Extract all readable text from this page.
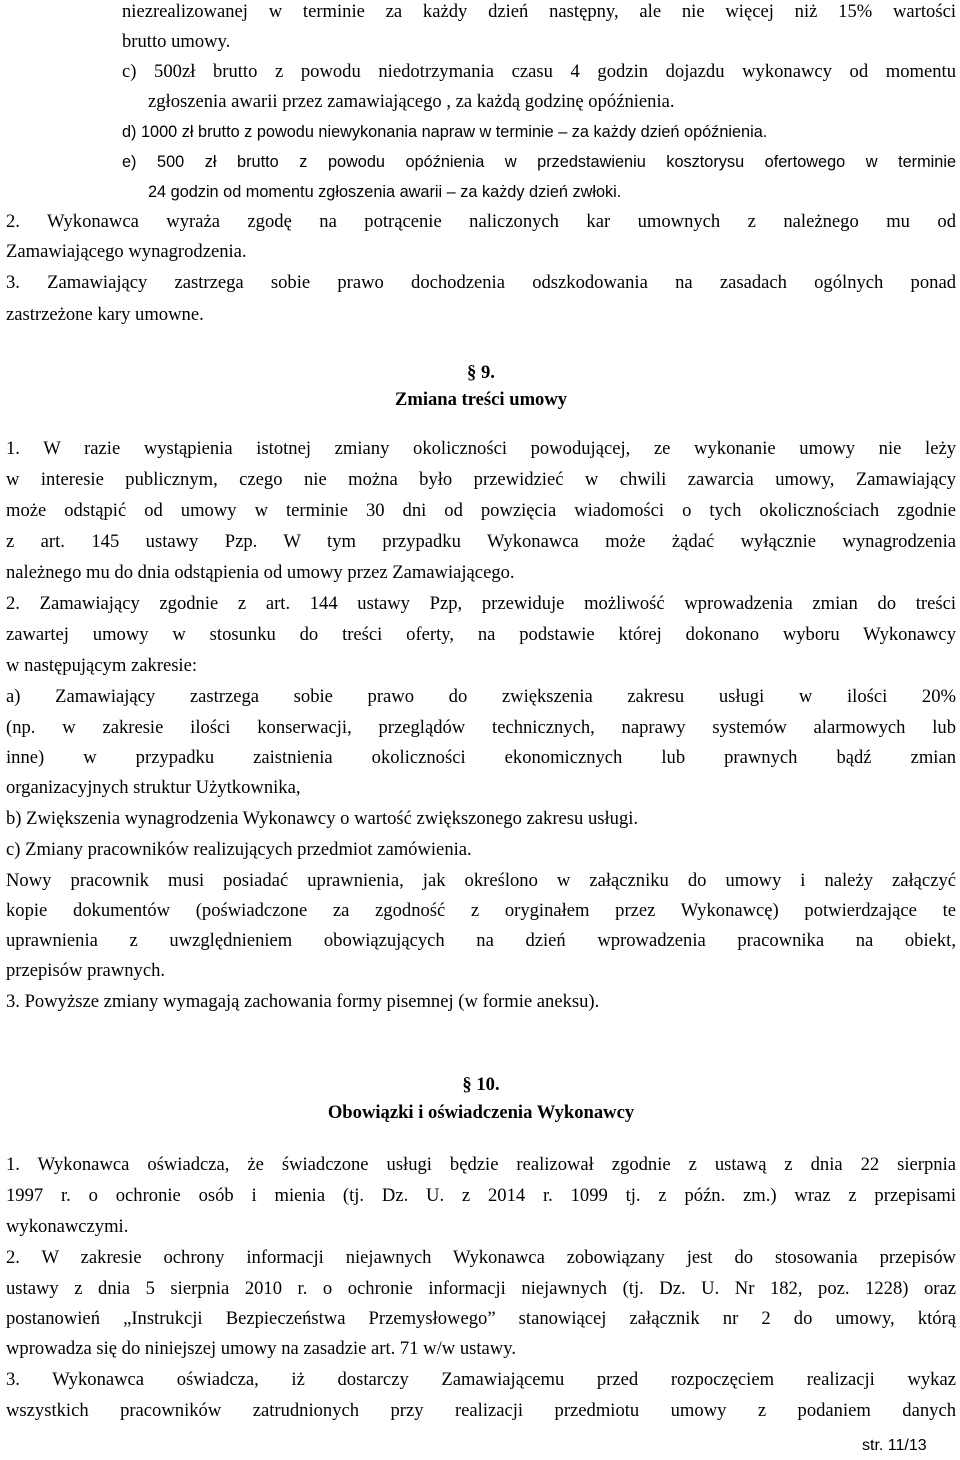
niezrealizowanej w terminie za każdy dzień następny, ale nie więcej niż 15% wartości
brutto umowy.
c) 500zł brutto z powodu niedotrzymania czasu 4 godzin dojazdu wykonawcy od momentu
zgłoszenia awarii przez zamawiającego , za każdą godzinę opóźnienia.
d) 1000 zł brutto z powodu niewykonania napraw w terminie – za każdy dzień opóźnienia.
e) 500 zł brutto z powodu opóźnienia w przedstawieniu kosztorysu ofertowego w terminie
24 godzin od momentu zgłoszenia awarii – za każdy dzień zwłoki.
2. Wykonawca wyraża zgodę na potrącenie naliczonych kar umownych z należnego mu od
Zamawiającego wynagrodzenia.
3. Zamawiający zastrzega sobie prawo dochodzenia odszkodowania na zasadach ogólnych ponad
zastrzeżone kary umowne.
§ 9.
Zmiana treści umowy
1. W razie wystąpienia istotnej zmiany okoliczności powodującej, ze wykonanie umowy nie leży
w interesie publicznym, czego nie można było przewidzieć w chwili zawarcia umowy, Zamawiający
może odstąpić od umowy w terminie 30 dni od powzięcia wiadomości o tych okolicznościach zgodnie
z art. 145 ustawy Pzp. W tym przypadku Wykonawca może żądać wyłącznie wynagrodzenia
należnego mu do dnia odstąpienia od umowy przez Zamawiającego.
2. Zamawiający zgodnie z art. 144 ustawy Pzp, przewiduje możliwość wprowadzenia zmian do treści
zawartej umowy w stosunku do treści oferty, na podstawie której dokonano wyboru Wykonawcy
w następującym zakresie:
a) Zamawiający zastrzega sobie prawo do zwiększenia zakresu usługi w ilości 20%
(np. w zakresie ilości konserwacji, przeglądów technicznych, naprawy systemów alarmowych lub
inne) w przypadku zaistnienia okoliczności ekonomicznych lub prawnych bądź zmian
organizacyjnych struktur Użytkownika,
b) Zwiększenia wynagrodzenia Wykonawcy o wartość zwiększonego zakresu usługi.
c) Zmiany pracowników realizujących przedmiot zamówienia.
Nowy pracownik musi posiadać uprawnienia, jak określono w załączniku do umowy i należy załączyć
kopie dokumentów (poświadczone za zgodność z oryginałem przez Wykonawcę) potwierdzające te
uprawnienia z uwzględnieniem obowiązujących na dzień wprowadzenia pracownika na obiekt,
przepisów prawnych.
3. Powyższe zmiany wymagają zachowania formy pisemnej (w formie aneksu).
§ 10.
Obowiązki i oświadczenia Wykonawcy
1. Wykonawca oświadcza, że świadczone usługi będzie realizował zgodnie z ustawą z dnia 22 sierpnia
1997 r. o ochronie osób i mienia (tj. Dz. U. z 2014 r. 1099 tj. z późn. zm.) wraz z przepisami
wykonawczymi.
2. W zakresie ochrony informacji niejawnych Wykonawca zobowiązany jest do stosowania przepisów
ustawy z dnia 5 sierpnia 2010 r. o ochronie informacji niejawnych (tj. Dz. U. Nr 182, poz. 1228) oraz
postanowień „Instrukcji Bezpieczeństwa Przemysłowego” stanowiącej załącznik nr 2 do umowy, którą
wprowadza się do niniejszej umowy na zasadzie art. 71 w/w ustawy.
3. Wykonawca oświadcza, iż dostarczy Zamawiającemu przed rozpoczęciem realizacji wykaz
wszystkich pracowników zatrudnionych przy realizacji przedmiotu umowy z podaniem danych
str. 11/13
